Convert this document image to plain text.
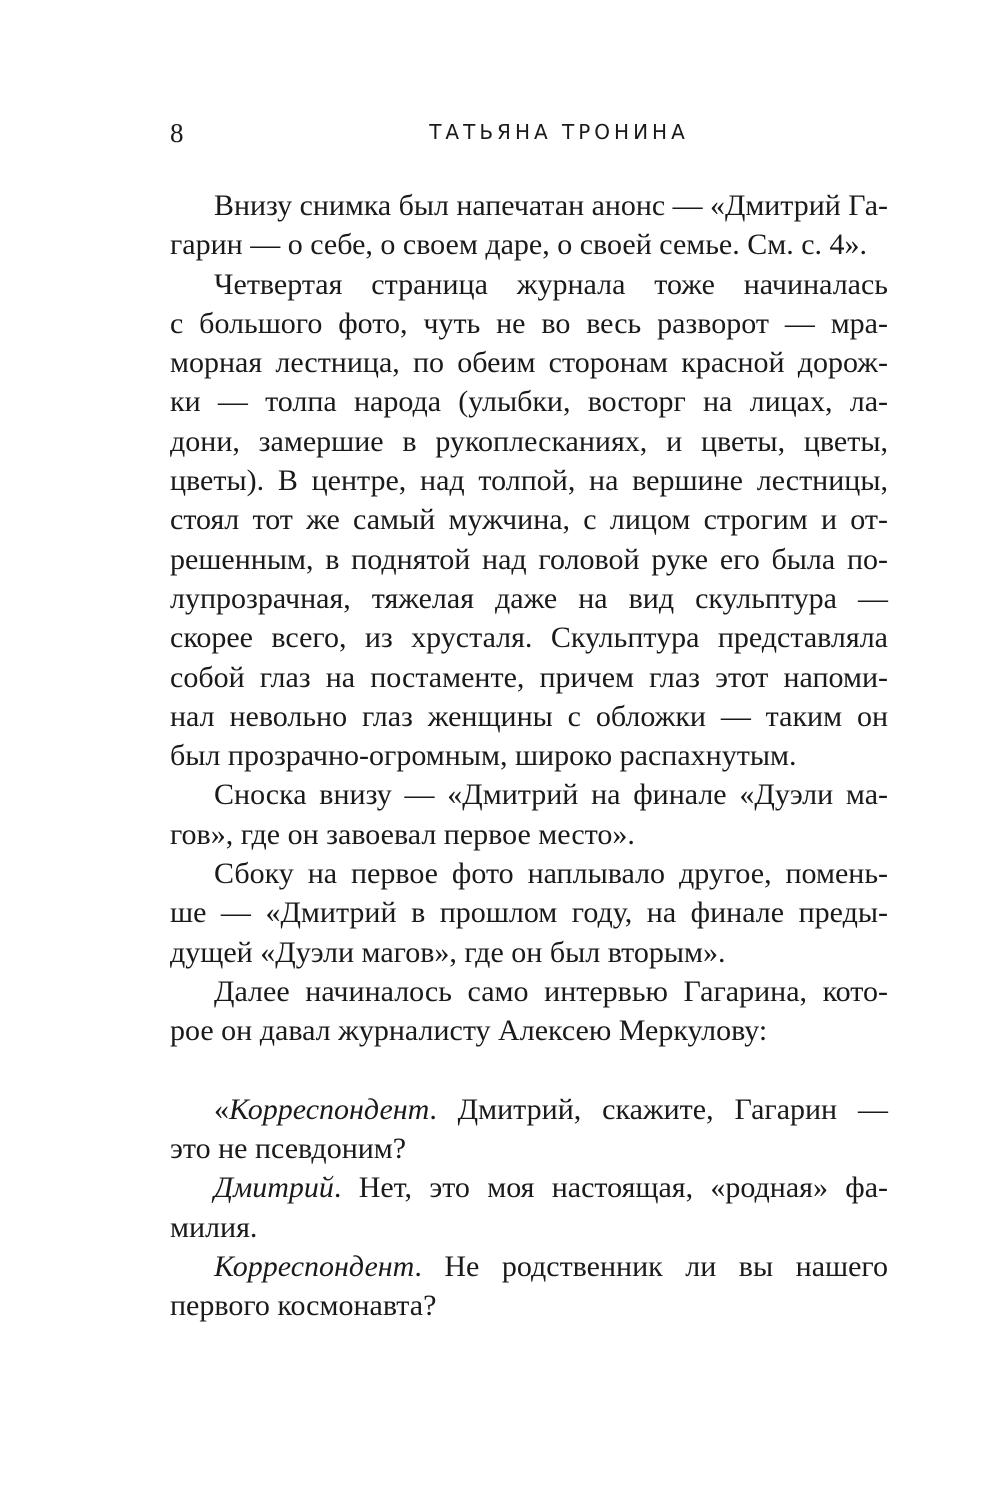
8	ТАТЬЯНА ТРОНИНА
Внизу снимка был напечатан анонс — «Дмитрий Га-
гарин — о себе, о своем даре, о своей семье. См. с. 4».
Четвертая страница журнала тоже начиналась
с большого фото, чуть не во весь разворот — мра-
морная лестница, по обеим сторонам красной дорож-
ки — толпа народа (улыбки, восторг на лицах, ла-
дони, замершие в рукоплесканиях, и цветы, цветы,
цветы). В центре, над толпой, на вершине лестницы,
стоял тот же самый мужчина, с лицом строгим и от-
решенным, в поднятой над головой руке его была по-
лупрозрачная, тяжелая даже на вид скульптура —
скорее всего, из хрусталя. Скульптура представляла
собой глаз на постаменте, причем глаз этот напоми-
нал невольно глаз женщины с обложки — таким он
был прозрачно-огромным, широко распахнутым.
Сноска внизу — «Дмитрий на финале «Дуэли ма-
гов», где он завоевал первое место».
Сбоку на первое фото наплывало другое, помень-
ше — «Дмитрий в прошлом году, на финале преды-
дущей «Дуэли магов», где он был вторым».
Далее начиналось само интервью Гагарина, кото-
рое он давал журналисту Алексею Меркулову:
«Корреспондент. Дмитрий, скажите, Гагарин —
это не псевдоним?
Дмитрий. Нет, это моя настоящая, «родная» фа-
милия.
Корреспондент. Не родственник ли вы нашего
первого космонавта?
